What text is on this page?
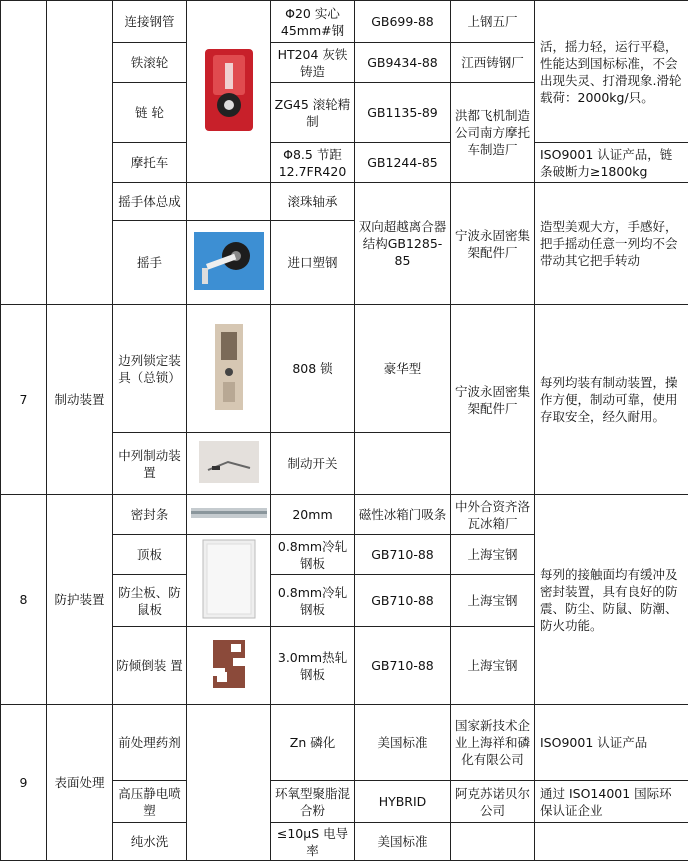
		连接钢管		Φ20 实心45mm#钢	GB699-88	上钢五厂	活，摇力轻，运行平稳，性能达到国标标准，不会出现失灵、打滑现象.滑轮载荷：2000kg/只。
		铁滚轮		HT204 灰铁铸造	GB9434-88	江西铸钢厂	
		链 轮		ZG45 滚轮精制	GB1135-89	洪都飞机制造公司南方摩托车制造厂	
		摩托车		Φ8.5 节距12.7FR420	GB1244-85		ISO9001 认证产品，链条破断力≥1800kg
		摇手体总成		滚珠轴承	双向超越离合器结构GB1285-85	宁波永固密集架配件厂	造型美观大方，手感好，把手摇动任意一列均不会带动其它把手转动
		摇手		进口塑钢			

7	制动装置	边列锁定装具（总锁）		808 锁	豪华型	宁波永固密集架配件厂	每列均装有制动装置，操作方便，制动可靠，使用存取安全，经久耐用。
		中列制动装置		制动开关			
8	防护装置	密封条		20mm	磁性冰箱门吸条	中外合资齐洛瓦冰箱厂	每列的接触面均有缓冲及密封装置，具有良好的防震、防尘、防鼠、防潮、防火功能。
		顶板		0.8mm冷轧钢板	GB710-88	上海宝钢	
		防尘板、防鼠板		0.8mm冷轧钢板	GB710-88	上海宝钢	
		防倾倒装 置		3.0mm热轧钢板	GB710-88	上海宝钢	
9	表面处理	前处理药剂		Zn 磷化	美国标准	国家新技术企业上海祥和磷化有限公司	ISO9001 认证产品
		高压静电喷塑		环氧型聚脂混合粉	HYBRID	阿克苏诺贝尔公司	通过 ISO14001 国际环保认证企业
		纯水洗		≤10μS 电导率	美国标准		
